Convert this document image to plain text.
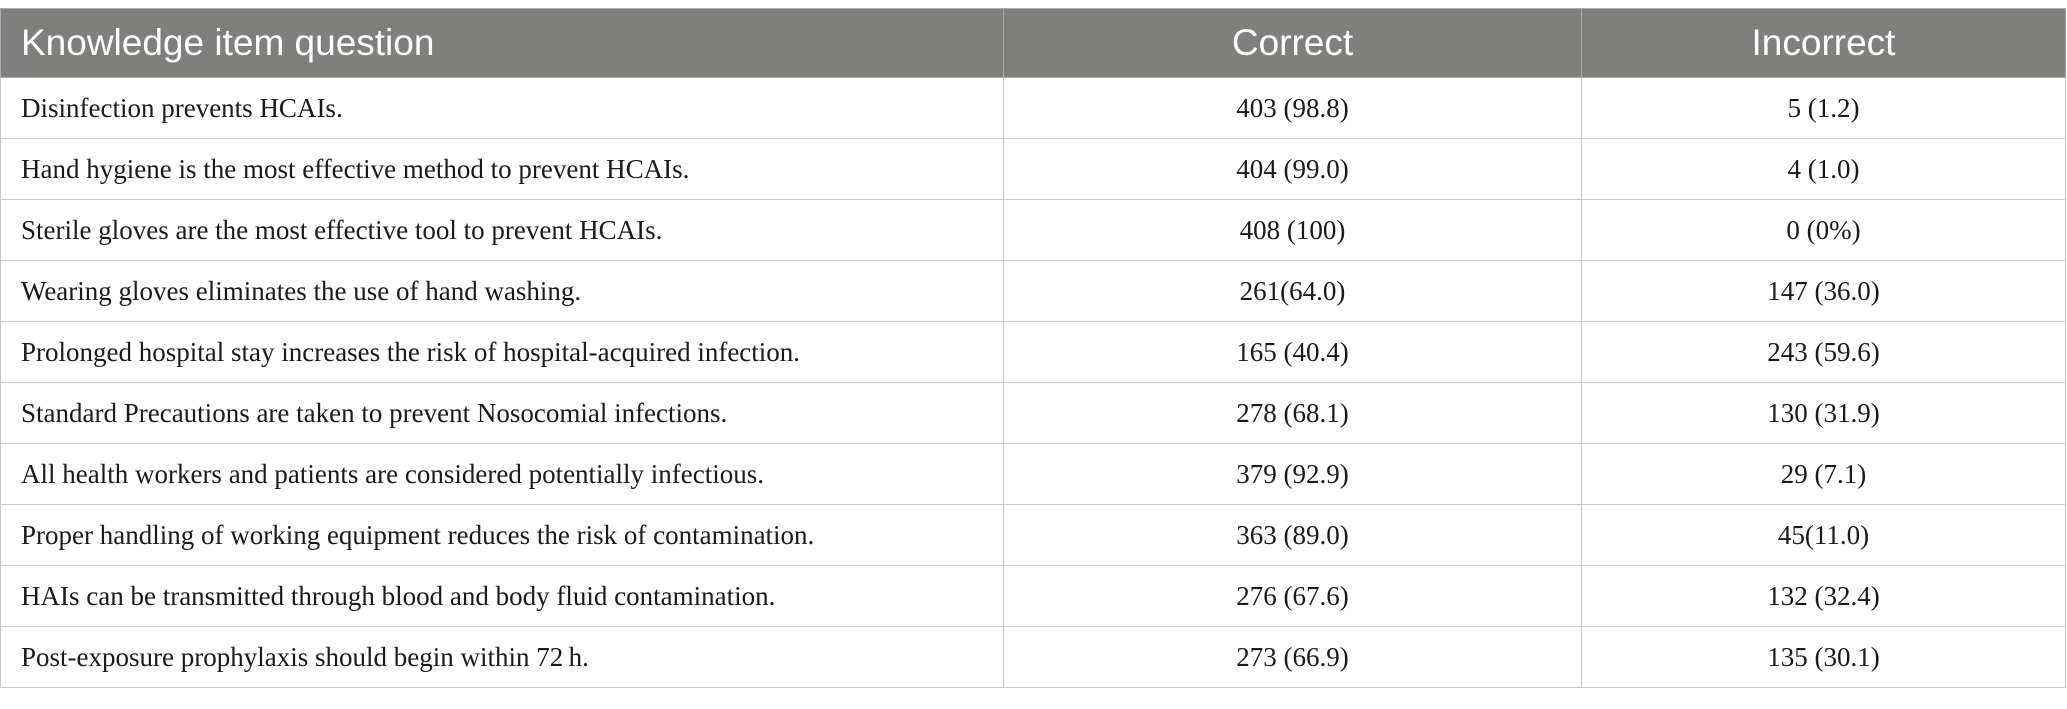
Knowledge item question	Correct	Incorrect
Disinfection prevents HCAIs.	403 (98.8)	5 (1.2)
Hand hygiene is the most effective method to prevent HCAIs.	404 (99.0)	4 (1.0)
Sterile gloves are the most effective tool to prevent HCAIs.	408 (100)	0 (0%)
Wearing gloves eliminates the use of hand washing.	261(64.0)	147 (36.0)
Prolonged hospital stay increases the risk of hospital-acquired infection.	165 (40.4)	243 (59.6)
Standard Precautions are taken to prevent Nosocomial infections.	278 (68.1)	130 (31.9)
All health workers and patients are considered potentially infectious.	379 (92.9)	29 (7.1)
Proper handling of working equipment reduces the risk of contamination.	363 (89.0)	45(11.0)
HAIs can be transmitted through blood and body fluid contamination.	276 (67.6)	132 (32.4)
Post-exposure prophylaxis should begin within 72 h.	273 (66.9)	135 (30.1)
